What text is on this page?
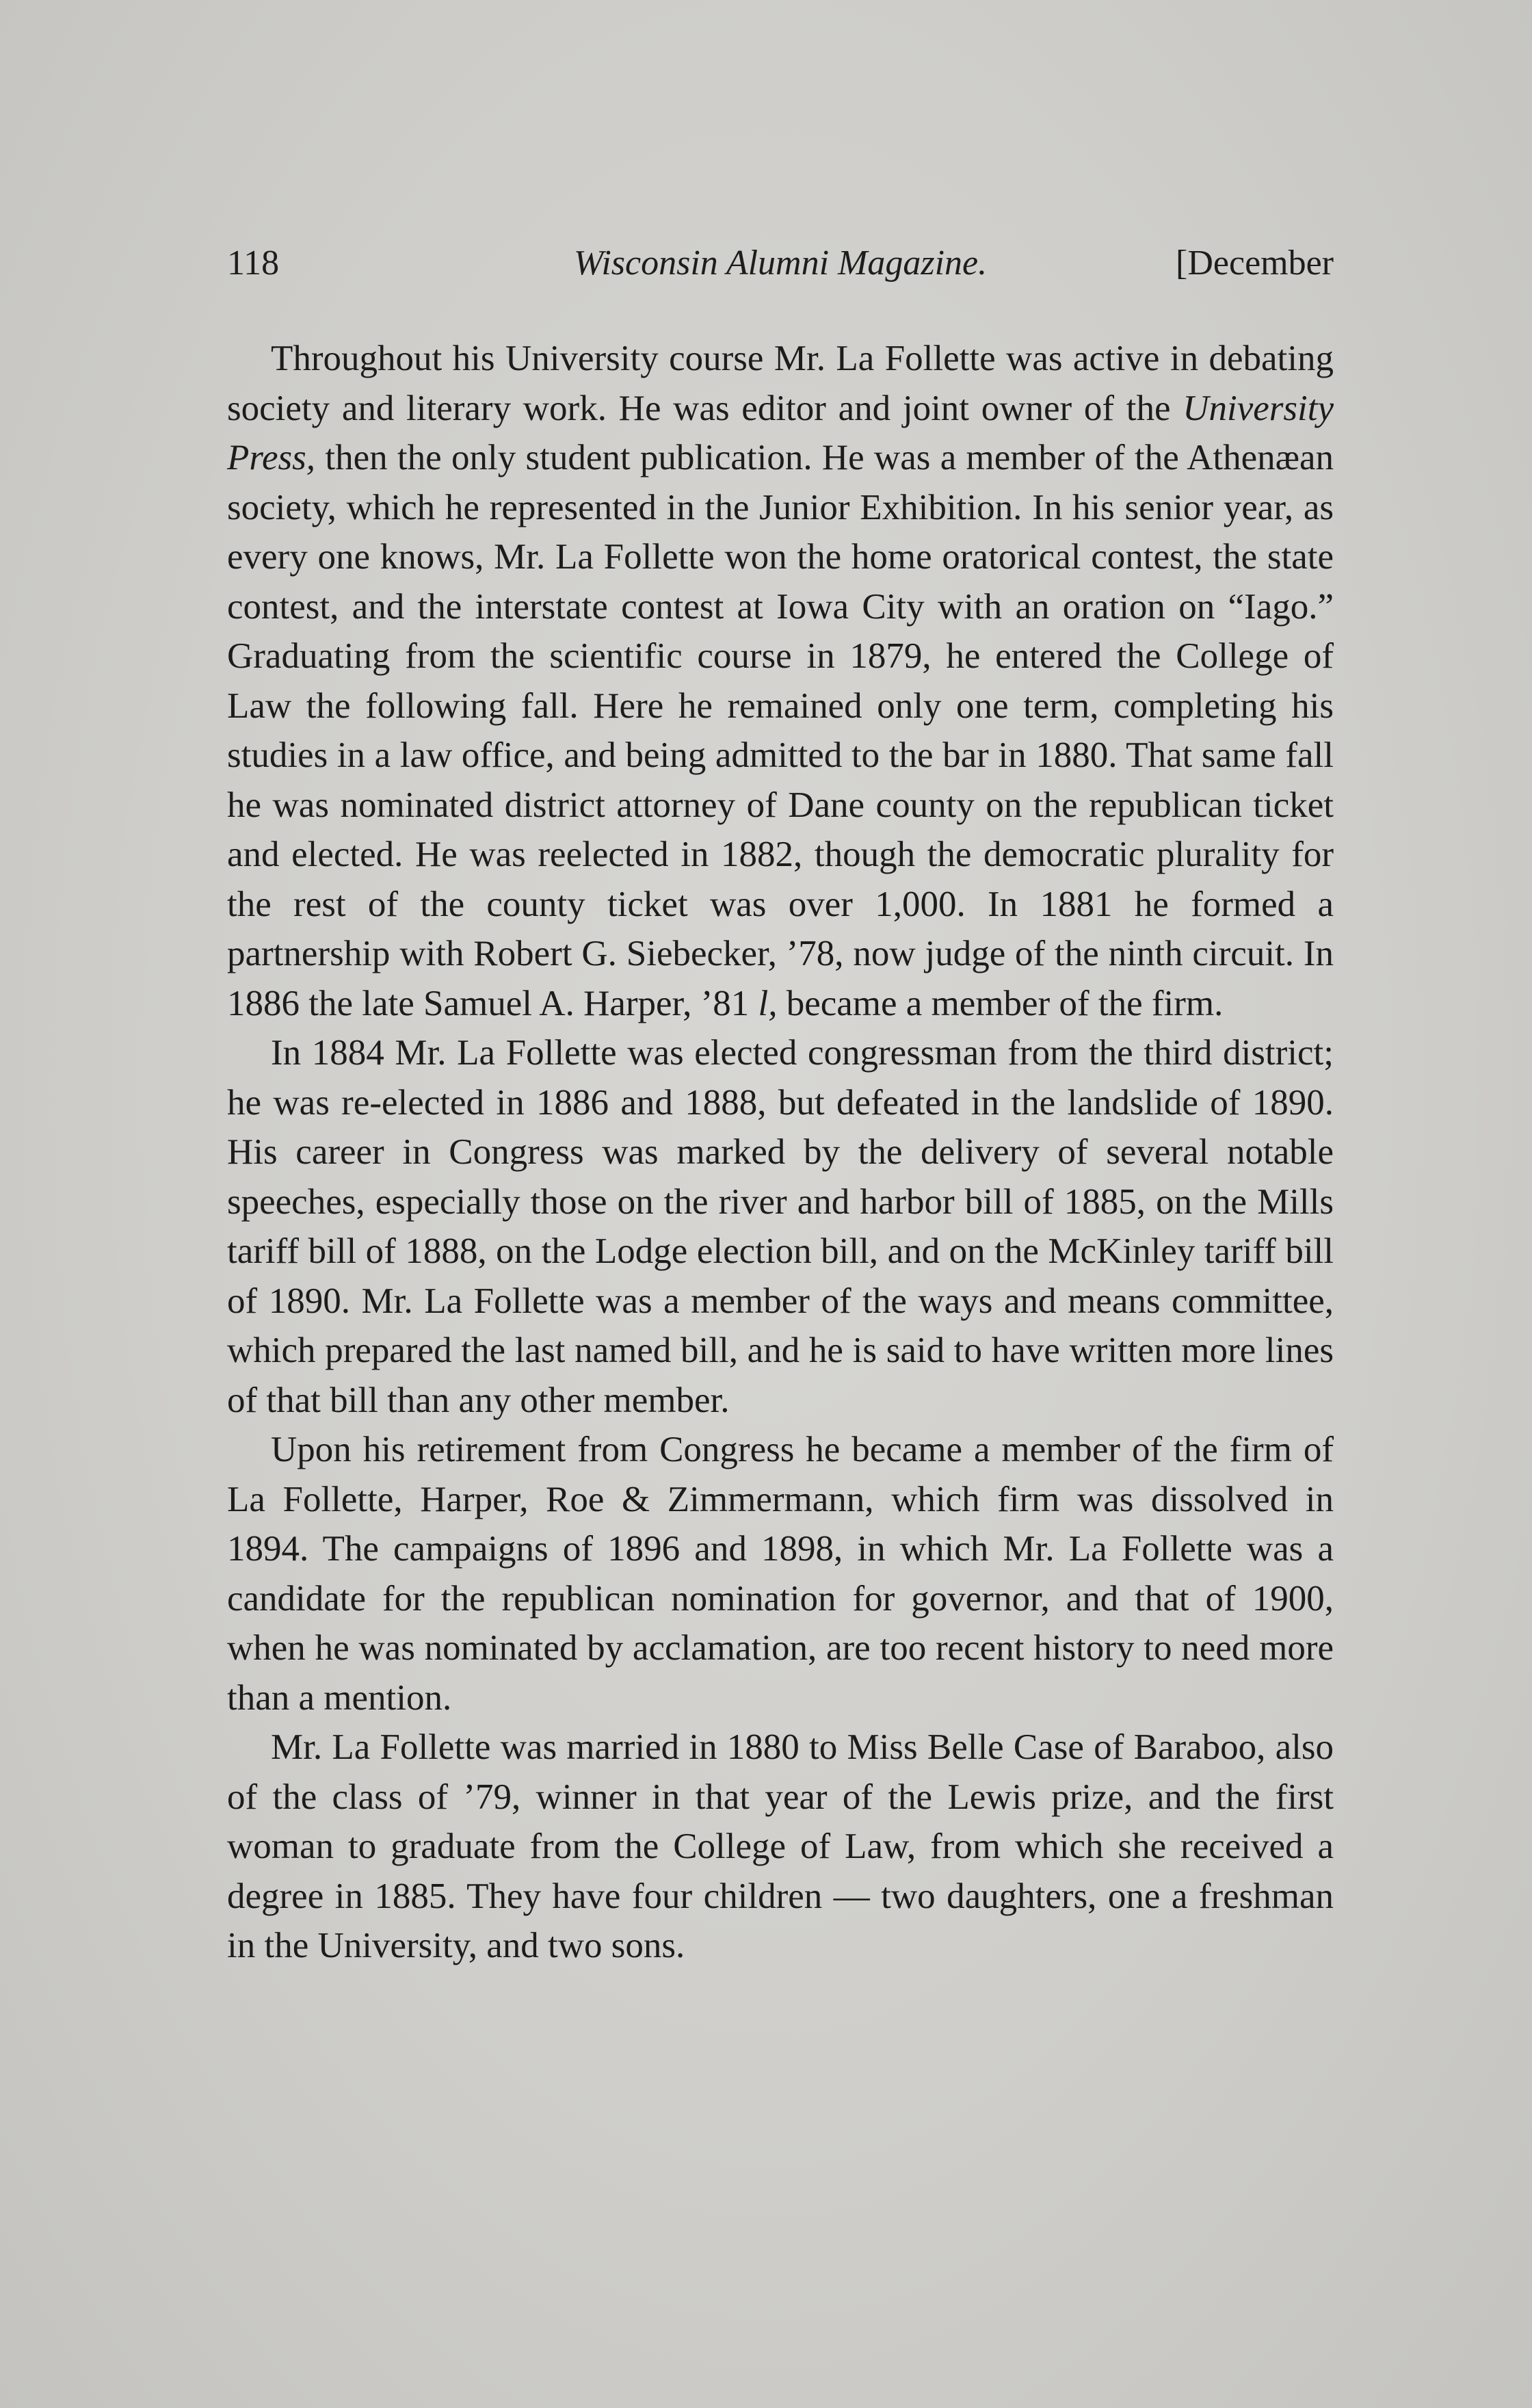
118	Wisconsin Alumni Magazine.	[December

Throughout his University course Mr. La Follette was active in debating society and literary work. He was editor and joint owner of the University Press, then the only student publication. He was a member of the Athenæan society, which he represented in the Junior Exhibition. In his senior year, as every one knows, Mr. La Follette won the home oratorical contest, the state contest, and the interstate contest at Iowa City with an oration on “Iago.” Graduating from the scientific course in 1879, he entered the College of Law the following fall. Here he remained only one term, completing his studies in a law office, and being admitted to the bar in 1880. That same fall he was nominated district attorney of Dane county on the republican ticket and elected. He was reelected in 1882, though the democratic plurality for the rest of the county ticket was over 1,000. In 1881 he formed a partnership with Robert G. Siebecker, ’78, now judge of the ninth circuit. In 1886 the late Samuel A. Harper, ’81 l, became a member of the firm.

In 1884 Mr. La Follette was elected congressman from the third district; he was re-elected in 1886 and 1888, but defeated in the landslide of 1890. His career in Congress was marked by the delivery of several notable speeches, especially those on the river and harbor bill of 1885, on the Mills tariff bill of 1888, on the Lodge election bill, and on the McKinley tariff bill of 1890. Mr. La Follette was a member of the ways and means committee, which prepared the last named bill, and he is said to have written more lines of that bill than any other member.

Upon his retirement from Congress he became a member of the firm of La Follette, Harper, Roe & Zimmermann, which firm was dissolved in 1894. The campaigns of 1896 and 1898, in which Mr. La Follette was a candidate for the republican nomination for governor, and that of 1900, when he was nominated by acclamation, are too recent history to need more than a mention.

Mr. La Follette was married in 1880 to Miss Belle Case of Baraboo, also of the class of ’79, winner in that year of the Lewis prize, and the first woman to graduate from the College of Law, from which she received a degree in 1885. They have four children — two daughters, one a freshman in the University, and two sons.
